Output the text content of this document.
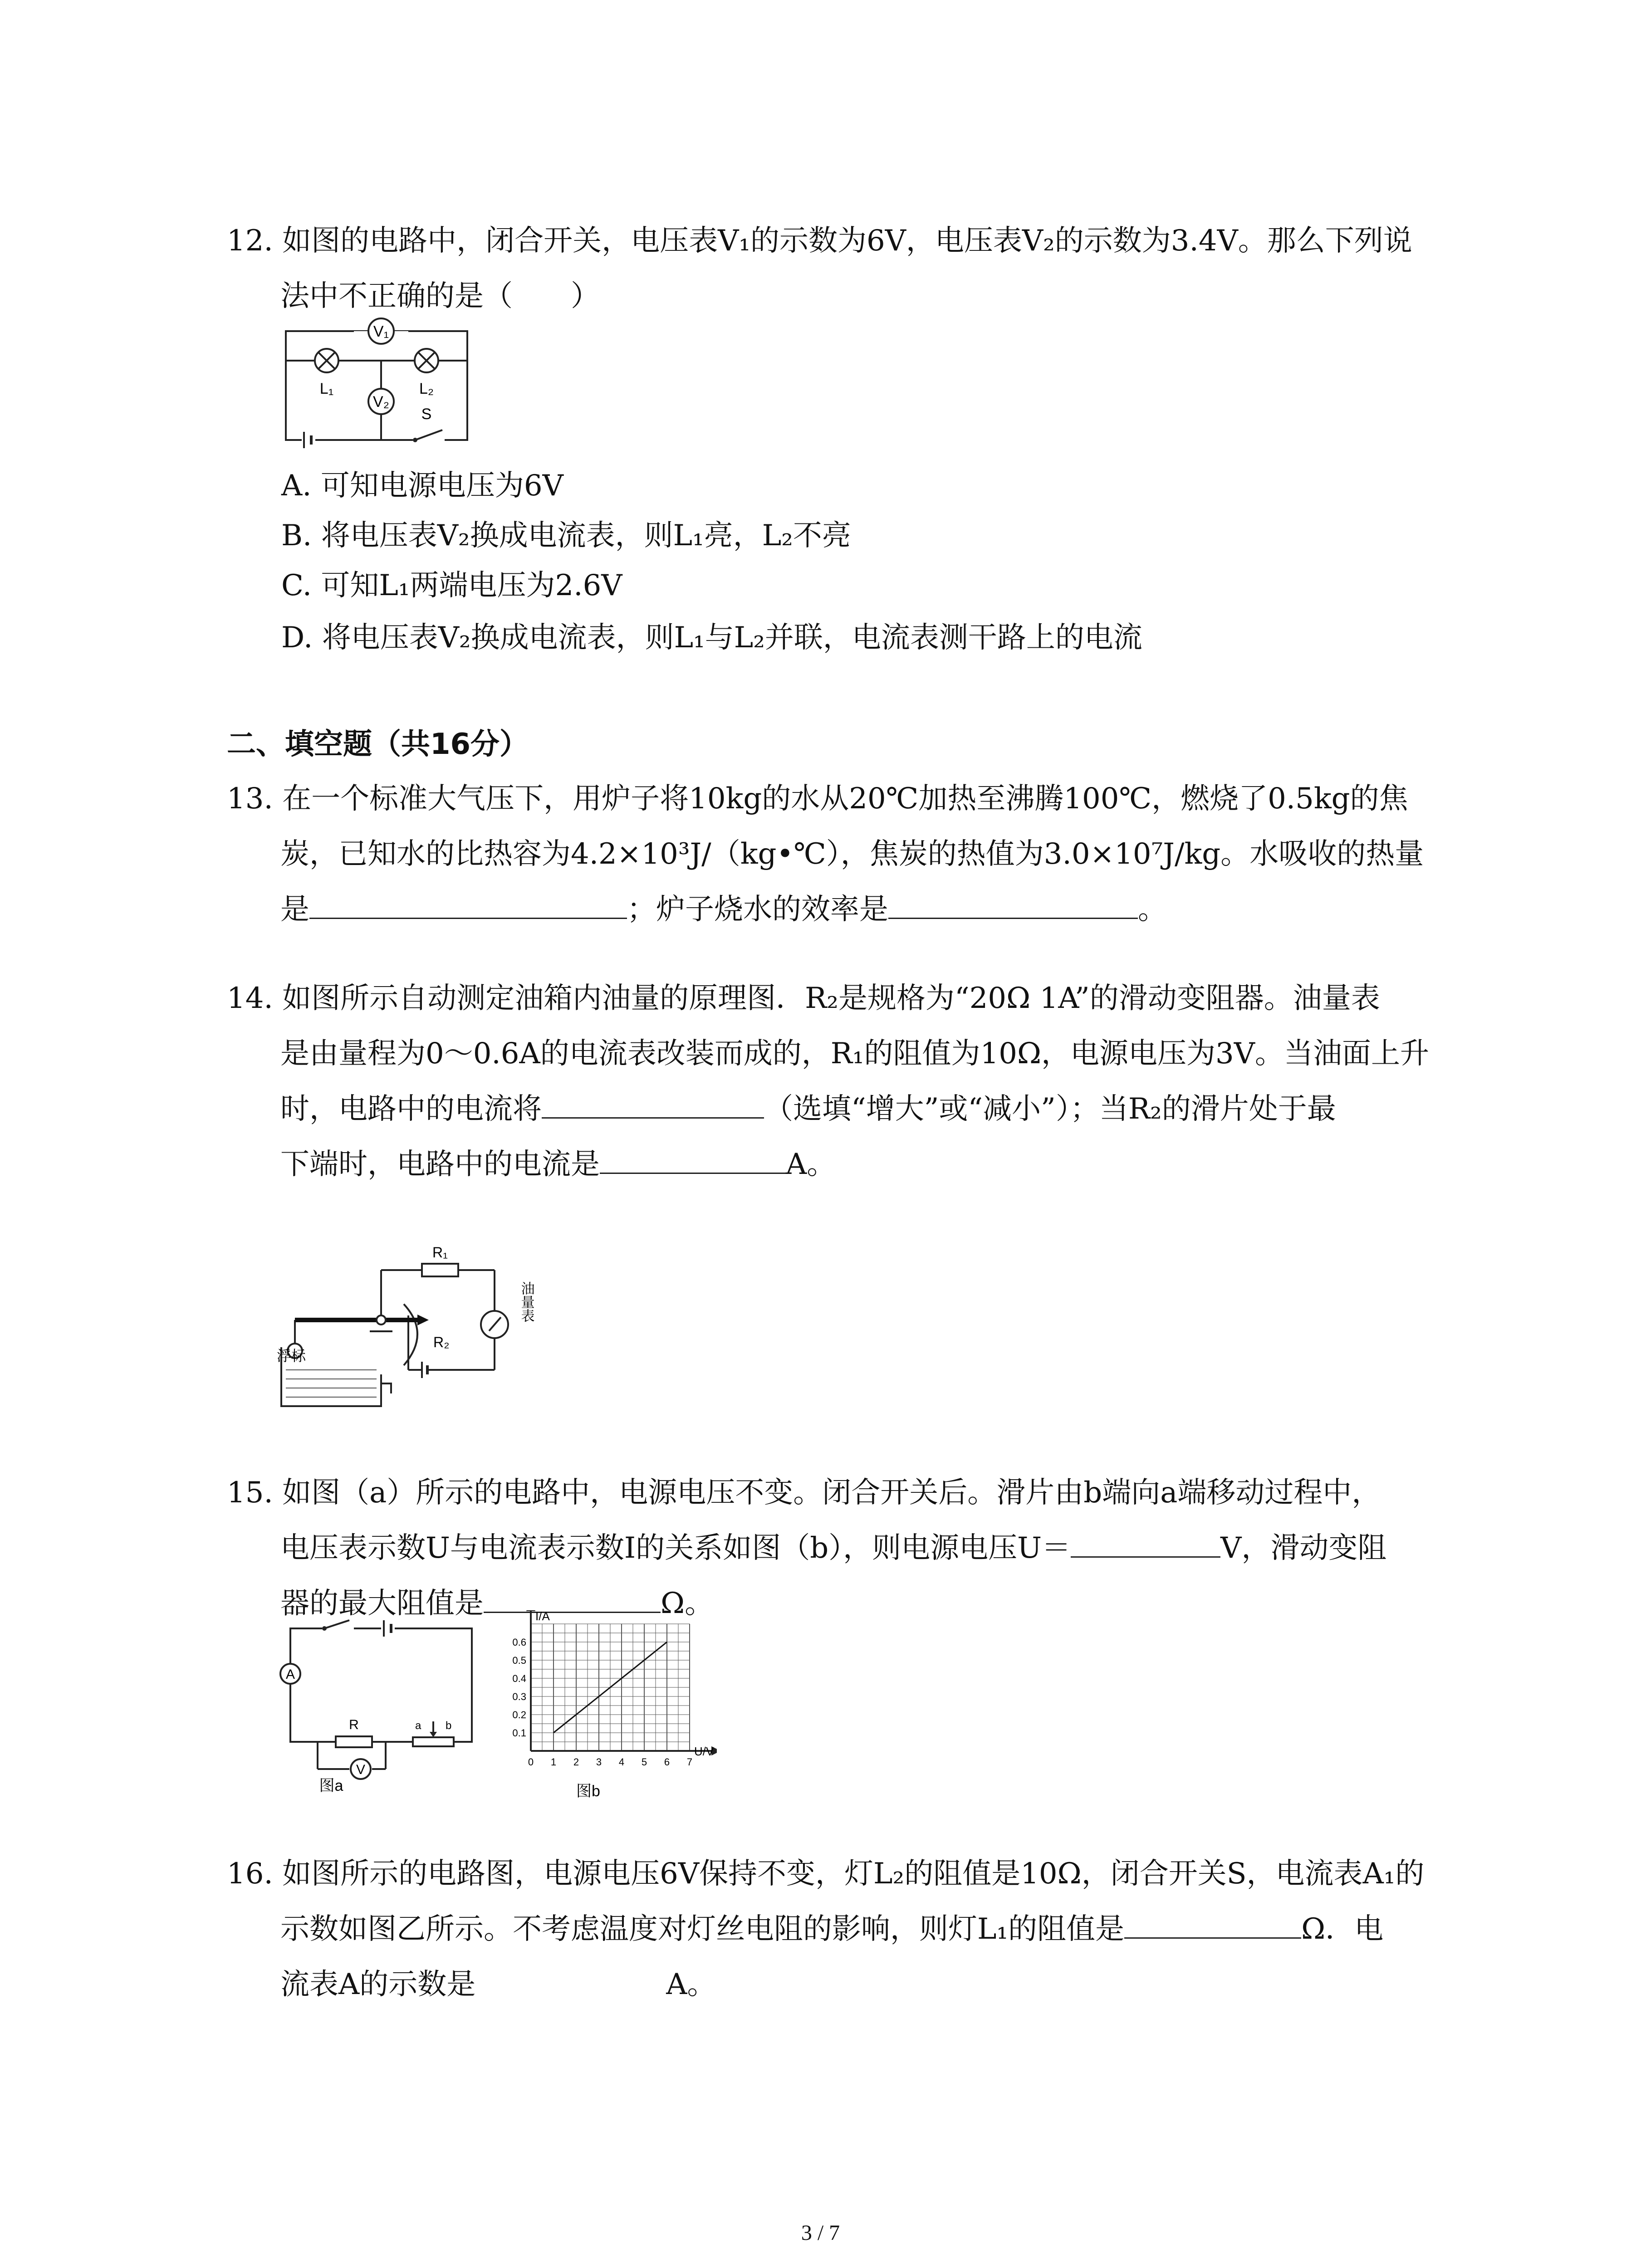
12. 如图的电路中，闭合开关，电压表V₁的示数为6V，电压表V₂的示数为3.4V。那么下列说

法中不正确的是（　　）

V₁
L₁	L₂
V₂
S
A. 可知电源电压为6V
B. 将电压表V₂换成电流表，则L₁亮，L₂不亮
C. 可知L₁两端电压为2.6V
D. 将电压表V₂换成电流表，则L₁与L₂并联，电流表测干路上的电流
二、填空题（共16分）

13. 在一个标准大气压下，用炉子将10kg的水从20℃加热至沸腾100℃，燃烧了0.5kg的焦

炭，已知水的比热容为4.2×10³J/（kg•℃），焦炭的热值为3.0×10⁷J/kg。水吸收的热量

是	；炉子烧水的效率是	。

14. 如图所示自动测定油箱内油量的原理图．R₂是规格为“20Ω 1A”的滑动变阻器。油量表

是由量程为0～0.6A的电流表改装而成的，R₁的阻值为10Ω，电源电压为3V。当油面上升

时，电路中的电流将	（选填“增大”或“减小”）；当R₂的滑片处于最

下端时，电路中的电流是	A。

R₁
R₂
油量表
浮标

15. 如图（a）所示的电路中，电源电压不变。闭合开关后。滑片由b端向a端移动过程中，

电压表示数U与电流表示数I的关系如图（b），则电源电压U＝	V，滑动变阻

器的最大阻值是	Ω。

A
R	a b
V
图a
0 1 2 3 4 5 6 7
0.1
0.2
0.3
0.4
0.5
0.6
I/A
U/V
图b

16. 如图所示的电路图，电源电压6V保持不变，灯L₂的阻值是10Ω，闭合开关S，电流表A₁的

示数如图乙所示。不考虑温度对灯丝电阻的影响，则灯L₁的阻值是	Ω．电

流表A的示数是	A。

3 / 7
